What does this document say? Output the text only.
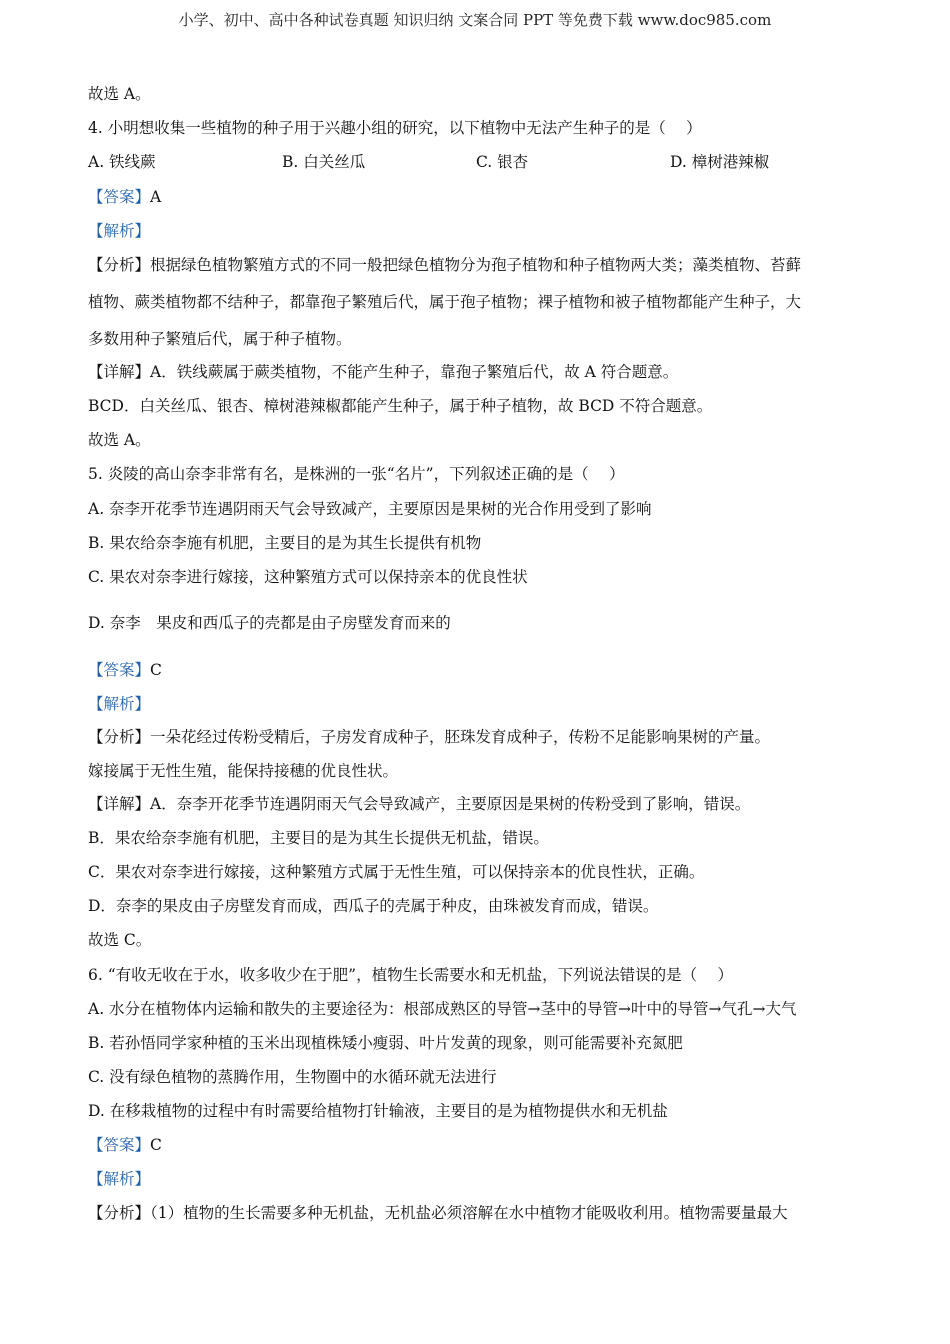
小学、初中、高中各种试卷真题 知识归纳 文案合同 PPT 等免费下载 www.doc985.com
故选 A。
4. 小明想收集一些植物的种子用于兴趣小组的研究，以下植物中无法产生种子的是（　 ）
A. 铁线蕨	B. 白关丝瓜	C. 银杏	D. 樟树港辣椒
【答案】A
【解析】
【分析】根据绿色植物繁殖方式的不同一般把绿色植物分为孢子植物和种子植物两大类；藻类植物、苔藓
植物、蕨类植物都不结种子，都靠孢子繁殖后代，属于孢子植物；裸子植物和被子植物都能产生种子，大
多数用种子繁殖后代，属于种子植物。
【详解】A．铁线蕨属于蕨类植物，不能产生种子，靠孢子繁殖后代，故 A 符合题意。
BCD．白关丝瓜、银杏、樟树港辣椒都能产生种子，属于种子植物，故 BCD 不符合题意。
故选 A。
5. 炎陵的高山奈李非常有名，是株洲的一张“名片”，下列叙述正确的是（　 ）
A. 奈李开花季节连遇阴雨天气会导致减产，主要原因是果树的光合作用受到了影响
B. 果农给奈李施有机肥，主要目的是为其生长提供有机物
C. 果农对奈李进行嫁接，这种繁殖方式可以保持亲本的优良性状
D. 奈李　果皮和西瓜子的壳都是由子房壁发育而来的
【答案】C
【解析】
【分析】一朵花经过传粉受精后，子房发育成种子，胚珠发育成种子，传粉不足能影响果树的产量。
嫁接属于无性生殖，能保持接穗的优良性状。
【详解】A．奈李开花季节连遇阴雨天气会导致减产，主要原因是果树的传粉受到了影响，错误。
B．果农给奈李施有机肥，主要目的是为其生长提供无机盐，错误。
C．果农对奈李进行嫁接，这种繁殖方式属于无性生殖，可以保持亲本的优良性状，正确。
D．奈李的果皮由子房壁发育而成，西瓜子的壳属于种皮，由珠被发育而成，错误。
故选 C。
6. “有收无收在于水，收多收少在于肥”，植物生长需要水和无机盐，下列说法错误的是（　 ）
A. 水分在植物体内运输和散失的主要途径为：根部成熟区的导管→茎中的导管→叶中的导管→气孔→大气
B. 若孙悟同学家种植的玉米出现植株矮小瘦弱、叶片发黄的现象，则可能需要补充氮肥
C. 没有绿色植物的蒸腾作用，生物圈中的水循环就无法进行
D. 在移栽植物的过程中有时需要给植物打针输液，主要目的是为植物提供水和无机盐
【答案】C
【解析】
【分析】（1）植物的生长需要多种无机盐，无机盐必须溶解在水中植物才能吸收利用。植物需要量最大
